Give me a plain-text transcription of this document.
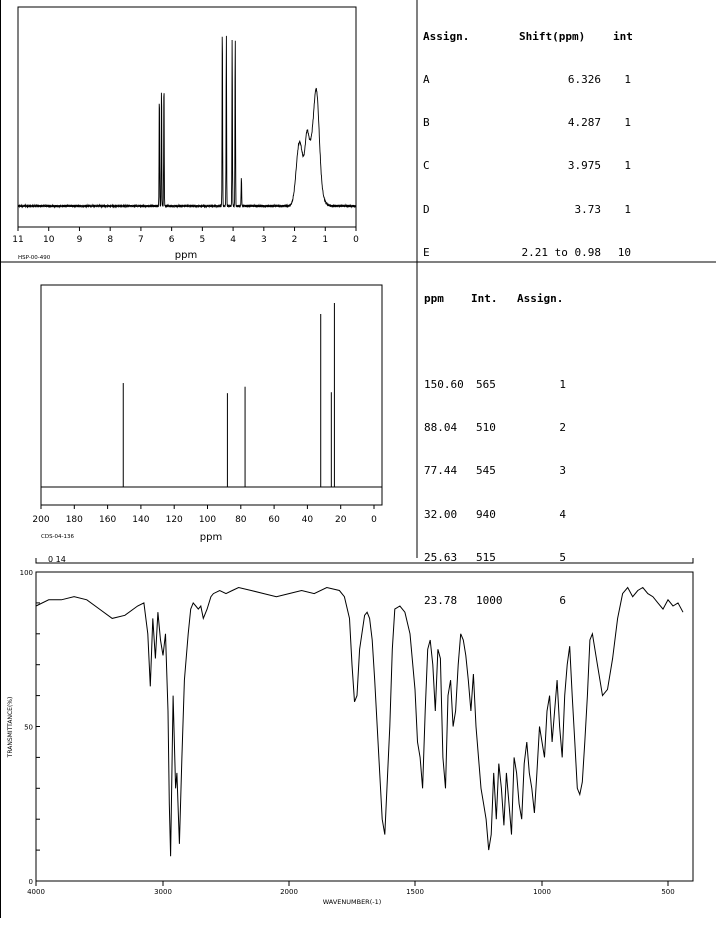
0 14
11 10 9	8	7	6	5	4	3	2	1	0
ppm
HSP-00-490
200 180 160 140 120 100 80 60 40 20	0
ppm
CDS-04-136
4000	3000	2000	1500	1000	500
100
50
0
WAVENUMBER(-1)
TRANSMITTANCE(%)

Assign.	Shift(ppm)	int

A	6.326 1

B	4.287 1

C	3.975 1

D	3.73 1

E	2.21 to 0.98 10

ppm Int. Assign.

150.60 565	1

88.04 510	2

77.44 545	3

32.00 940	4

25.63 515	5

23.78 1000	6
